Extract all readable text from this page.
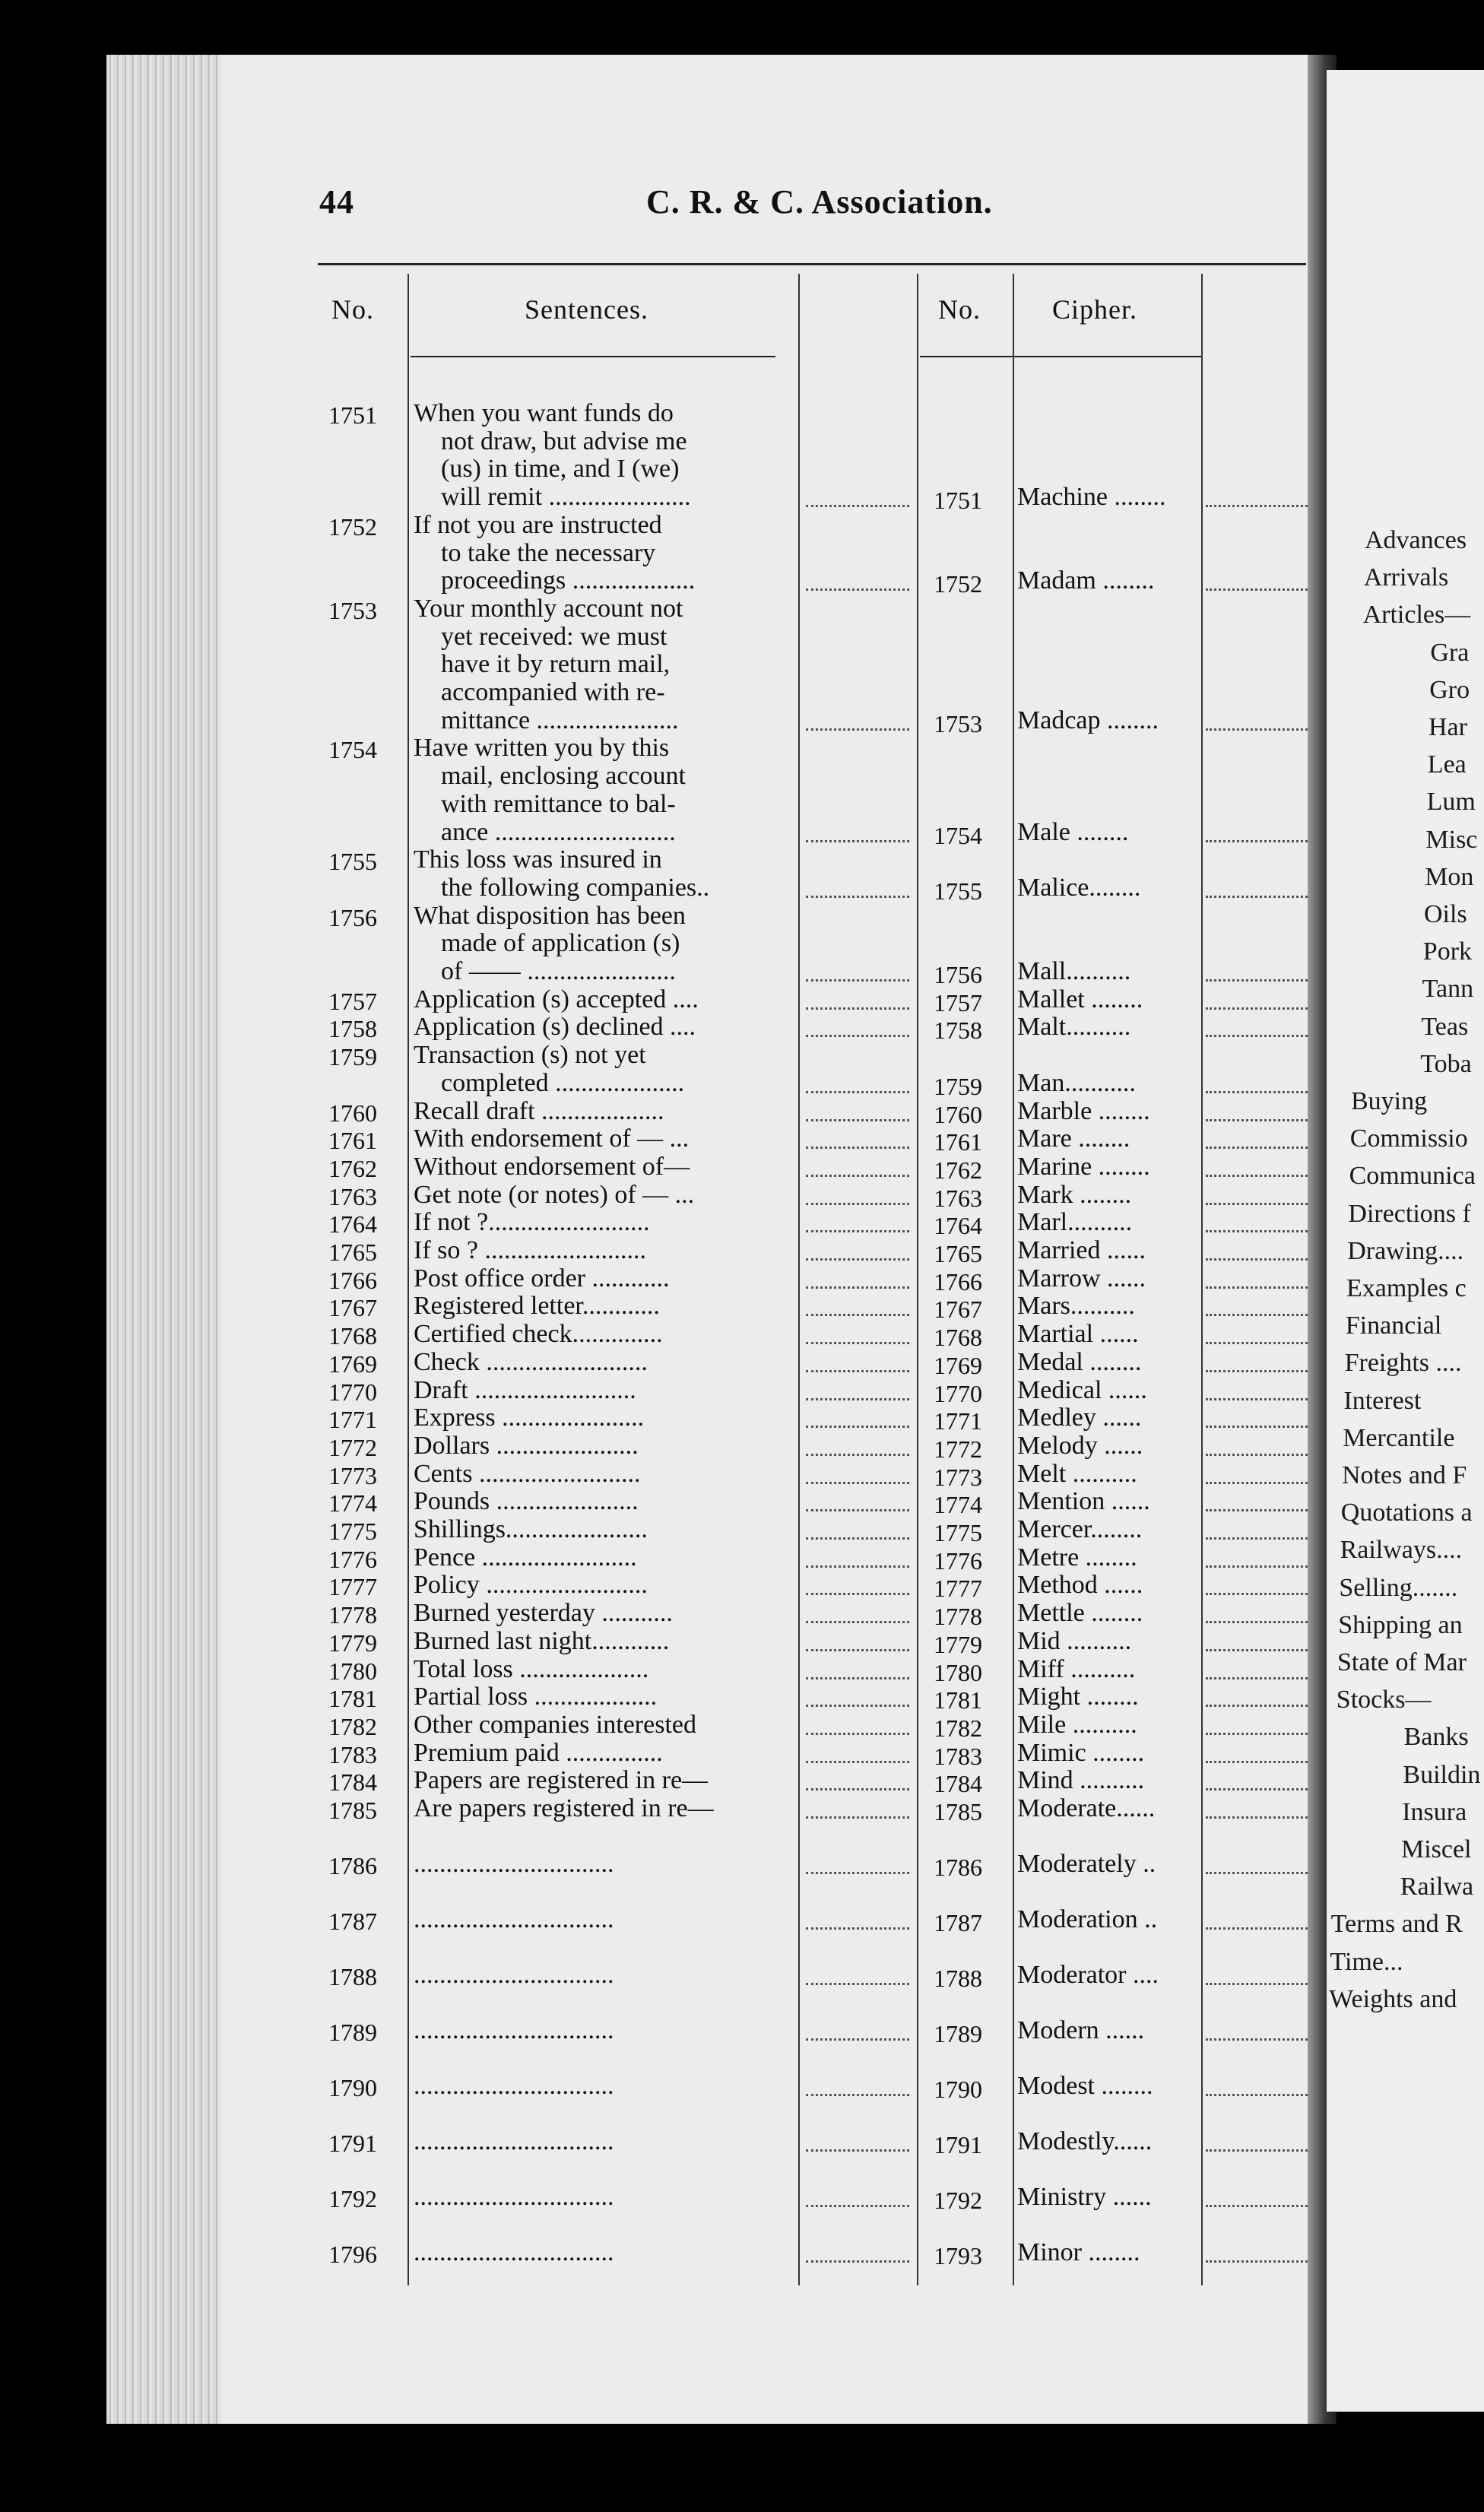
Advances
Arrivals
Articles—
Gra
Gro
Har
Lea
Lum
Misc
Mon
Oils
Pork
Tann
Teas
Toba
Buying
Commissio
Communica
Directions f
Drawing....
Examples c
Financial
Freights ....
Interest
Mercantile
Notes and F
Quotations a
Railways....
Selling.......
Shipping an
State of Mar
Stocks—
Banks
Buildin
Insura
Miscel
Railwa
Terms and R
Time...
Weights and
44	C. R. & C. Association.
No.	Sentences.	No.	Cipher.
1751	When you want funds do
not draw, but advise me
(us) in time, and I (we)
will remit ......................	1751	Machine ........
1752	If not you are instructed
to take the necessary
proceedings ...................	1752	Madam ........
1753	Your monthly account not
yet received: we must
have it by return mail,
accompanied with re-
mittance ......................	1753	Madcap ........
1754	Have written you by this
mail, enclosing account
with remittance to bal-
ance ............................	1754	Male ........
1755	This loss was insured in
the following companies..	1755	Malice........
1756	What disposition has been
made of application (s)
of —— .......................	1756	Mall..........
1757	Application (s) accepted ....	1757	Mallet ........
1758	Application (s) declined ....	1758	Malt..........
1759	Transaction (s) not yet
completed ....................	1759	Man...........
1760	Recall draft ...................	1760	Marble ........
1761	With endorsement of — ...	1761	Mare ........
1762	Without endorsement of—	1762	Marine ........
1763	Get note (or notes) of — ...	1763	Mark ........
1764	If not ?.........................	1764	Marl..........
1765	If so ? .........................	1765	Married ......
1766	Post office order ............	1766	Marrow ......
1767	Registered letter............	1767	Mars..........
1768	Certified check..............	1768	Martial ......
1769	Check .........................	1769	Medal ........
1770	Draft .........................	1770	Medical ......
1771	Express ......................	1771	Medley ......
1772	Dollars ......................	1772	Melody ......
1773	Cents .........................	1773	Melt ..........
1774	Pounds ......................	1774	Mention ......
1775	Shillings......................	1775	Mercer........
1776	Pence ........................	1776	Metre ........
1777	Policy .........................	1777	Method ......
1778	Burned yesterday ...........	1778	Mettle ........
1779	Burned last night............	1779	Mid ..........
1780	Total loss ....................	1780	Miff ..........
1781	Partial loss ...................	1781	Might ........
1782	Other companies interested	1782	Mile ..........
1783	Premium paid ...............	1783	Mimic ........
1784	Papers are registered in re—	1784	Mind ..........
1785	Are papers registered in re—	1785	Moderate......
1786	...............................	1786	Moderately ..
1787	...............................	1787	Moderation ..
1788	...............................	1788	Moderator ....
1789	...............................	1789	Modern ......
1790	...............................	1790	Modest ........
1791	...............................	1791	Modestly......
1792	...............................	1792	Ministry ......
1796	...............................	1793	Minor ........
